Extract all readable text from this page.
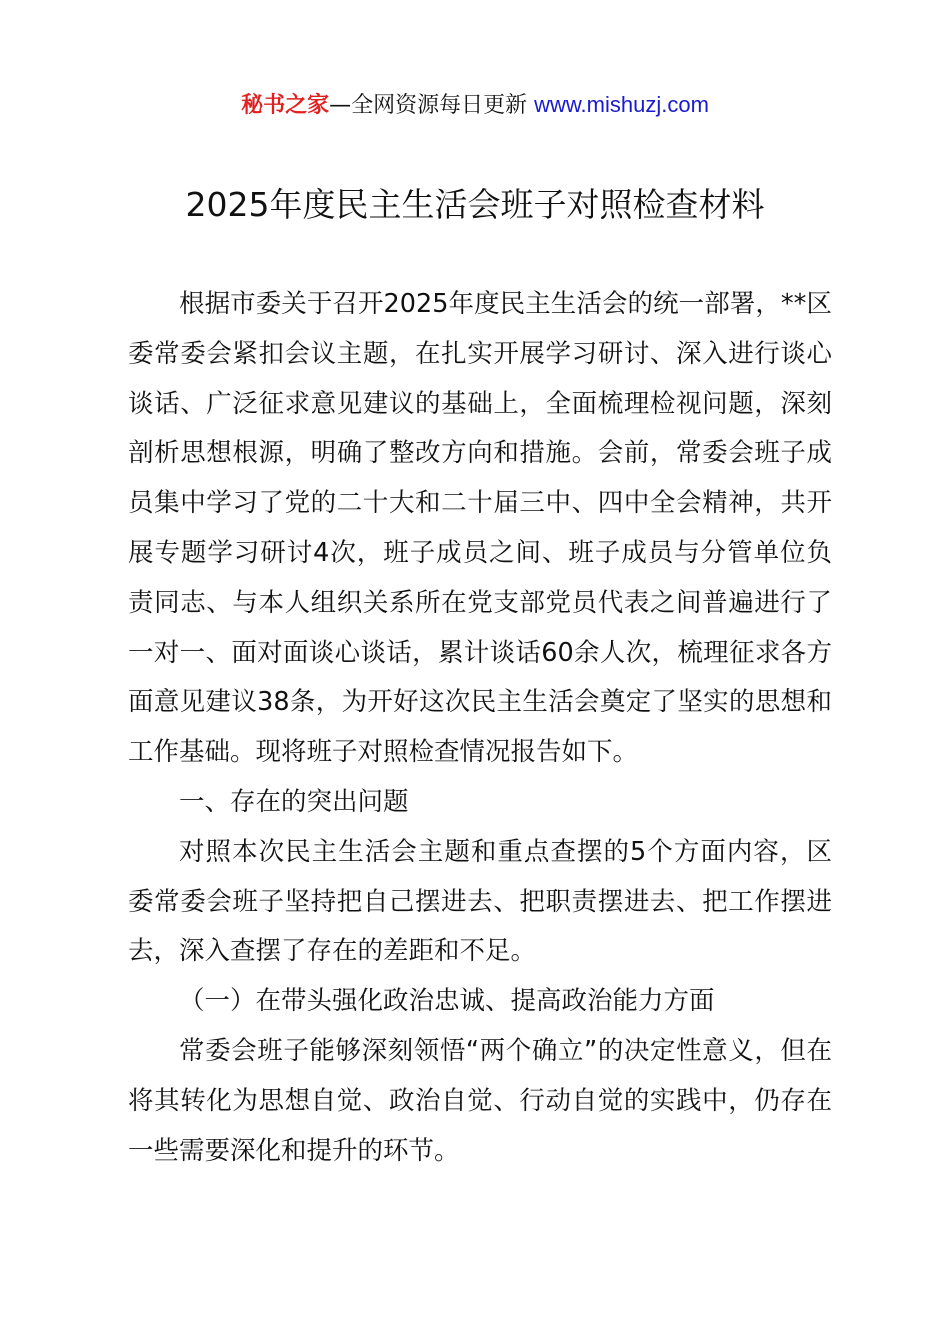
秘书之家—全网资源每日更新 www.mishuzj.com
2025年度民主生活会班子对照检查材料

根据市委关于召开2025年度民主生活会的统一部署，**区委常委会紧扣会议主题，在扎实开展学习研讨、深入进行谈心谈话、广泛征求意见建议的基础上，全面梳理检视问题，深刻剖析思想根源，明确了整改方向和措施。会前，常委会班子成员集中学习了党的二十大和二十届三中、四中全会精神，共开展专题学习研讨4次，班子成员之间、班子成员与分管单位负责同志、与本人组织关系所在党支部党员代表之间普遍进行了一对一、面对面谈心谈话，累计谈话60余人次，梳理征求各方面意见建议38条，为开好这次民主生活会奠定了坚实的思想和工作基础。现将班子对照检查情况报告如下。

一、存在的突出问题

对照本次民主生活会主题和重点查摆的5个方面内容，区委常委会班子坚持把自己摆进去、把职责摆进去、把工作摆进去，深入查摆了存在的差距和不足。

（一）在带头强化政治忠诚、提高政治能力方面

常委会班子能够深刻领悟“两个确立”的决定性意义，但在将其转化为思想自觉、政治自觉、行动自觉的实践中，仍存在一些需要深化和提升的环节。
